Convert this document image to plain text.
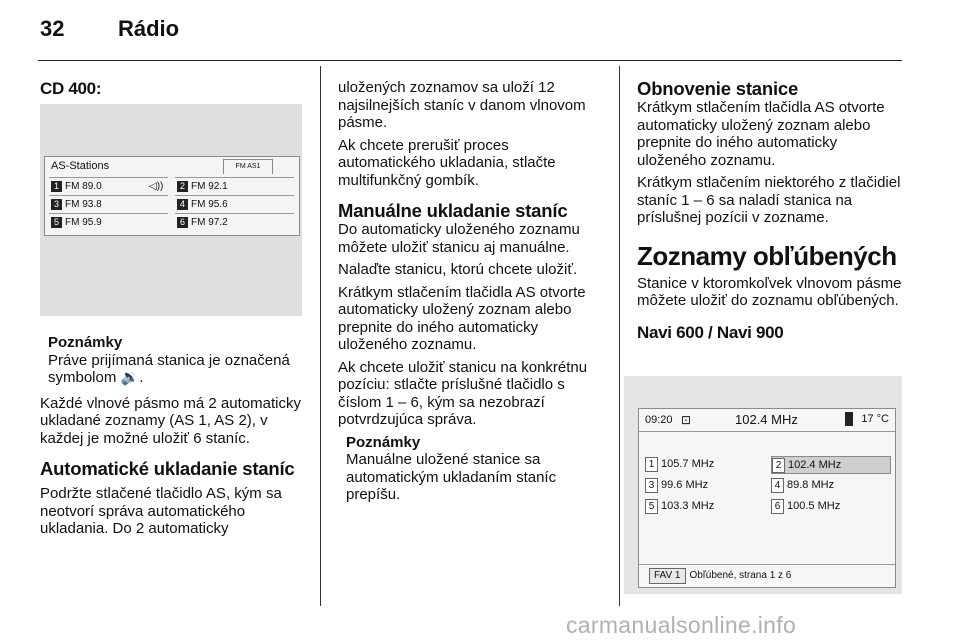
32 Rádio
CD 400:
AS-Stations	FM AS1
1 FM 89.0	◁))	2 FM 92.1
3 FM 93.8	4 FM 95.6
5 FM 95.9	6 FM 97.2
Poznámky
Práve prijímaná stanica je označená symbolom 🔉.

Každé vlnové pásmo má 2 automaticky ukladané zoznamy (AS 1, AS 2), v každej je možné uložiť 6 staníc.

Automatické ukladanie staníc

Podržte stlačené tlačidlo AS, kým sa neotvorí správa automatického ukladania. Do 2 automaticky

uložených zoznamov sa uloží 12 najsilnejších staníc v danom vlnovom pásme.

Ak chcete prerušiť proces automatického ukladania, stlačte multifunkčný gombík.

Manuálne ukladanie staníc

Do automaticky uloženého zoznamu môžete uložiť stanicu aj manuálne.

Nalaďte stanicu, ktorú chcete uložiť.

Krátkym stlačením tlačidla AS otvorte automaticky uložený zoznam alebo prepnite do iného automaticky uloženého zoznamu.

Ak chcete uložiť stanicu na konkrétnu pozíciu: stlačte príslušné tlačidlo s číslom 1 – 6, kým sa nezobrazí potvrdzujúca správa.

Poznámky
Manuálne uložené stanice sa automatickým ukladaním staníc prepíšu.
Obnovenie stanice

Krátkym stlačením tlačidla AS otvorte automaticky uložený zoznam alebo prepnite do iného automaticky uloženého zoznamu.

Krátkym stlačením niektorého z tlačidiel staníc 1 – 6 sa naladí stanica na príslušnej pozícii v zozname.

Zoznamy obľúbených

Stanice v ktoromkoľvek vlnovom pásme môžete uložiť do zoznamu obľúbených.

Navi 600 / Navi 900
09:20 ⊡	102.4 MHz	17 °C
1 105.7 MHz	2 102.4 MHz
3 99.6 MHz	4 89.8 MHz
5 103.3 MHz	6 100.5 MHz
FAV 1 Obľúbené, strana 1 z 6
carmanualsonline.info
